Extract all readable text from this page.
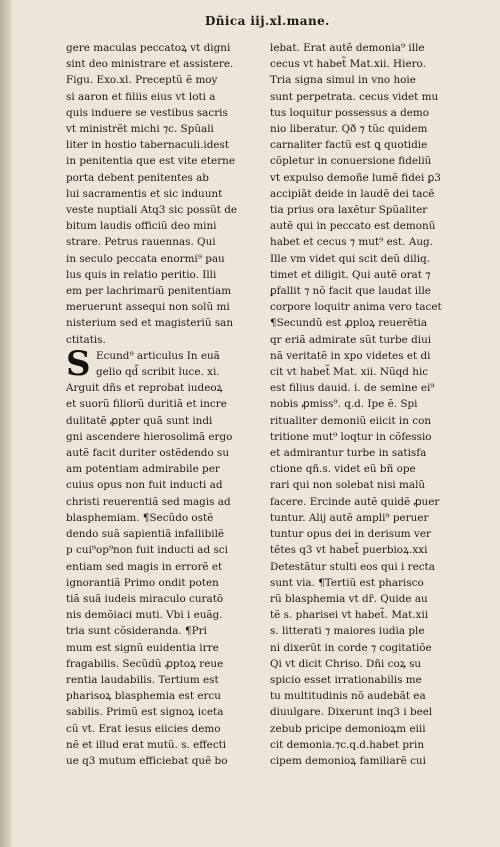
Dñica iij.xl.mane.
gere maculas peccatoꝝ vt digni
sint deo ministrare et assistere.
Figu. Exo.xl. Preceptũ ẽ moy
si aaron et filiis eius vt loti a
quis induere se vestibus sacris
vt ministrẽt michi ⁊c. Spũali
liter in hostio tabernaculi.idest
in penitentia que est vite eterne
porta debent penitentes ab
lui sacramentis et sic induunt
veste nuptiali Atq3 sic possũt de
bitum laudis officiũ deo mini
strare. Petrus rauennas. Qui
in seculo peccata enormi⁹ pau
lus quis in relatio peritio. Illi
em per lachrimarũ penitentiam
meruerunt assequi non solũ mi
nisterium sed et magisteriũ san
ctitatis.
S Ecund⁹ articulus In euã
gelio qd̃ scribit luce. xi.
Arguit dñs et reprobat iudeoꝝ
et suorũ filiorũ duritiã et incre
dulitatẽ ꝓpter quã sunt indi
gni ascendere hierosolimã ergo
autẽ facit duriter ostẽdendo su
am potentiam admirabile per
cuius opus non fuit inducti ad
christi reuerentiã sed magis ad
blasphemiam. ¶Secũdo ostẽ
dendo suã sapientiã infallibilẽ
p cui⁹op⁹non fuit inducti ad sci
entiam sed magis in errorẽ et
ignorantiã Primo ondit poten
tiã suã iudeis miraculo curatõ
nis demõiaci muti. Vbi i euãg.
tria sunt cõsideranda. ¶Pri
mum est signũ euidentia irre
fragabilis. Secũdũ ꝓptoꝝ reue
rentia laudabilis. Tertium est
pharisoꝝ blasphemia est ercu
sabilis. Primũ est signoꝝ iceta
cũ vt. Erat iesus eiicies demo
nẽ et illud erat mutũ. s. effecti
ue q3 mutum efficiebat quẽ bo
lebat. Erat autẽ demonia⁹ ille
cecus vt habet̃ Mat.xii. Hiero.
Tria signa simul in vno hoie
sunt perpetrata. cecus videt mu
tus loquitur possessus a demo
nio liberatur. Qð ⁊ tũc quidem
carnaliter factũ est ꝗ quotidie
cõpletur in conuersione fideliũ
vt expulso demoñe lumẽ fidei ꝑ3
accipiãt deide in laudẽ dei tacẽ
tia prius ora laxẽtur Spũaliter
autẽ qui in peccato est demonũ
habet et cecus ⁊ mut⁹ est. Aug.
Ille vm videt qui scit deũ diliq.
timet et diligit. Qui autẽ orat ⁊
ꝑfallit ⁊ nõ facit que laudat ille
corpore loquitr anima vero tacet
¶Secundũ est ꝓploꝝ reuerẽtia
qr eriã admirate sũt turbe diui
nã veritatẽ in xpo videtes et di
cit vt habet̃ Mat. xii. Nũqd hic
est filius dauid. i. de semine ei⁹
nobis ꝓmiss⁹. q.d. Ipe ẽ. Spi
ritualiter demoniũ eiicit in con
tritione mut⁹ loqtur in cõfessio
et admirantur turbe in satisfa
ctione qñ.s. videt eũ bñ ope
rari qui non solebat nisi malũ
facere. Ercinde autẽ quidẽ ꝓuer
tuntur. Alij autẽ ampli⁹ peruer
tuntur opus dei in derisum ver
tẽtes q3 vt habet̃ puerbioꝝ.xxi
Detestãtur stulti eos qui i recta
sunt via. ¶Tertiũ est pharisco
rũ blasphemia vt dr̃. Quide au
tẽ s. pharisei vt habet̃. Mat.xii
s. litterati ⁊ maiores iudia ple
ni dixerũt in corde ⁊ cogitatiõe
Qi vt dicit Chriso. Dñi coꝝ su
spicio esset irrationabilis me
tu multitudinis nõ audebãt ea
diuulgare. Dixerunt inq3 i beel
zebub pricipe demonioꝝm eiii
cit demonia.⁊c.q.d.habet prin
cipem demonioꝝ familiarẽ cui
